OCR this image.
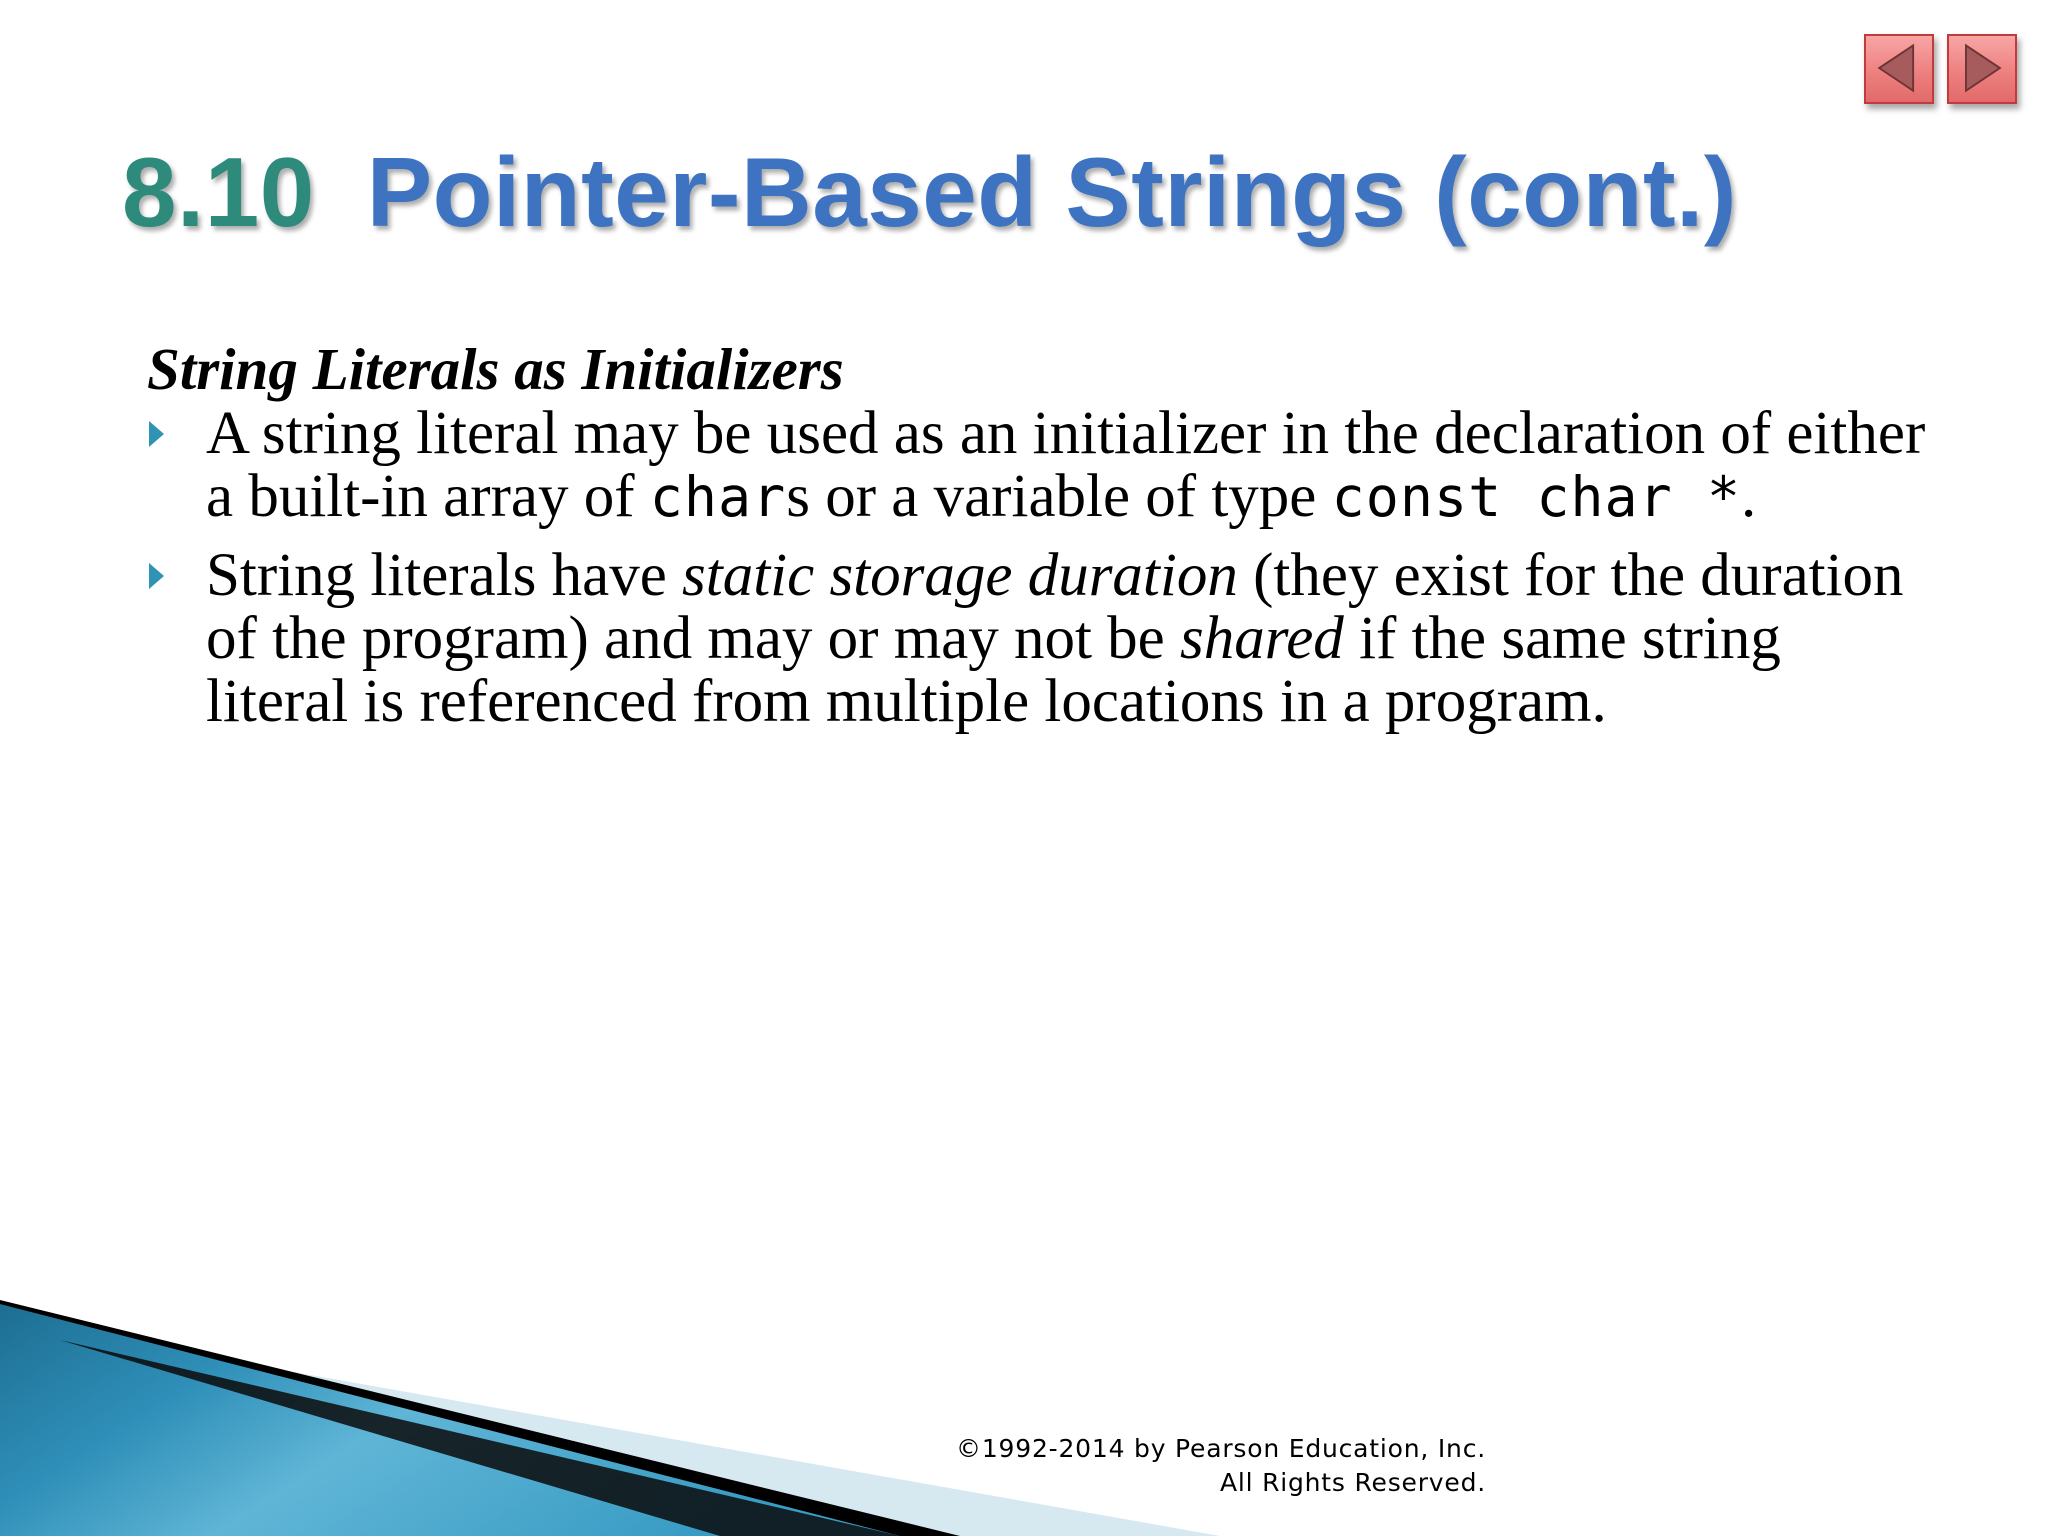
8.10 Pointer-Based Strings (cont.)
String Literals as Initializers
A string literal may be used as an initializer in the declaration of either a built-in array of chars or a variable of type const char *.
String literals have static storage duration (they exist for the duration of the program) and may or may not be shared if the same string literal is referenced from multiple locations in a program.
©1992-2014 by Pearson Education, Inc.
All Rights Reserved.
